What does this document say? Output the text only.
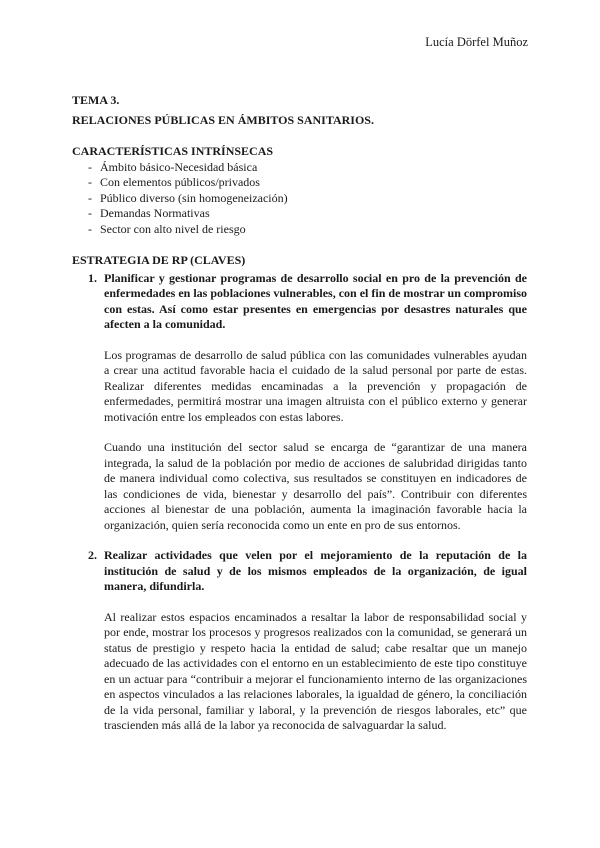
Lucía Dörfel Muñoz

TEMA 3.

RELACIONES PÚBLICAS EN ÁMBITOS SANITARIOS.

CARACTERÍSTICAS INTRÍNSECAS

- Ámbito básico-Necesidad básica
- Con elementos públicos/privados
- Público diverso (sin homogeneización)
- Demandas Normativas
- Sector con alto nivel de riesgo

ESTRATEGIA DE RP (CLAVES)

1. Planificar y gestionar programas de desarrollo social en pro de la prevención de enfermedades en las poblaciones vulnerables, con el fin de mostrar un compromiso con estas. Así como estar presentes en emergencias por desastres naturales que afecten a la comunidad.

Los programas de desarrollo de salud pública con las comunidades vulnerables ayudan a crear una actitud favorable hacia el cuidado de la salud personal por parte de estas. Realizar diferentes medidas encaminadas a la prevención y propagación de enfermedades, permitirá mostrar una imagen altruista con el público externo y generar motivación entre los empleados con estas labores.

Cuando una institución del sector salud se encarga de “garantizar de una manera integrada, la salud de la población por medio de acciones de salubridad dirigidas tanto de manera individual como colectiva, sus resultados se constituyen en indicadores de las condiciones de vida, bienestar y desarrollo del país”. Contribuir con diferentes acciones al bienestar de una población, aumenta la imaginación favorable hacia la organización, quien sería reconocida como un ente en pro de sus entornos.

2. Realizar actividades que velen por el mejoramiento de la reputación de la institución de salud y de los mismos empleados de la organización, de igual manera, difundirla.

Al realizar estos espacios encaminados a resaltar la labor de responsabilidad social y por ende, mostrar los procesos y progresos realizados con la comunidad, se generará un status de prestigio y respeto hacia la entidad de salud; cabe resaltar que un manejo adecuado de las actividades con el entorno en un establecimiento de este tipo constituye en un actuar para “contribuir a mejorar el funcionamiento interno de las organizaciones en aspectos vinculados a las relaciones laborales, la igualdad de género, la conciliación de la vida personal, familiar y laboral, y la prevención de riesgos laborales, etc” que trascienden más allá de la labor ya reconocida de salvaguardar la salud.
